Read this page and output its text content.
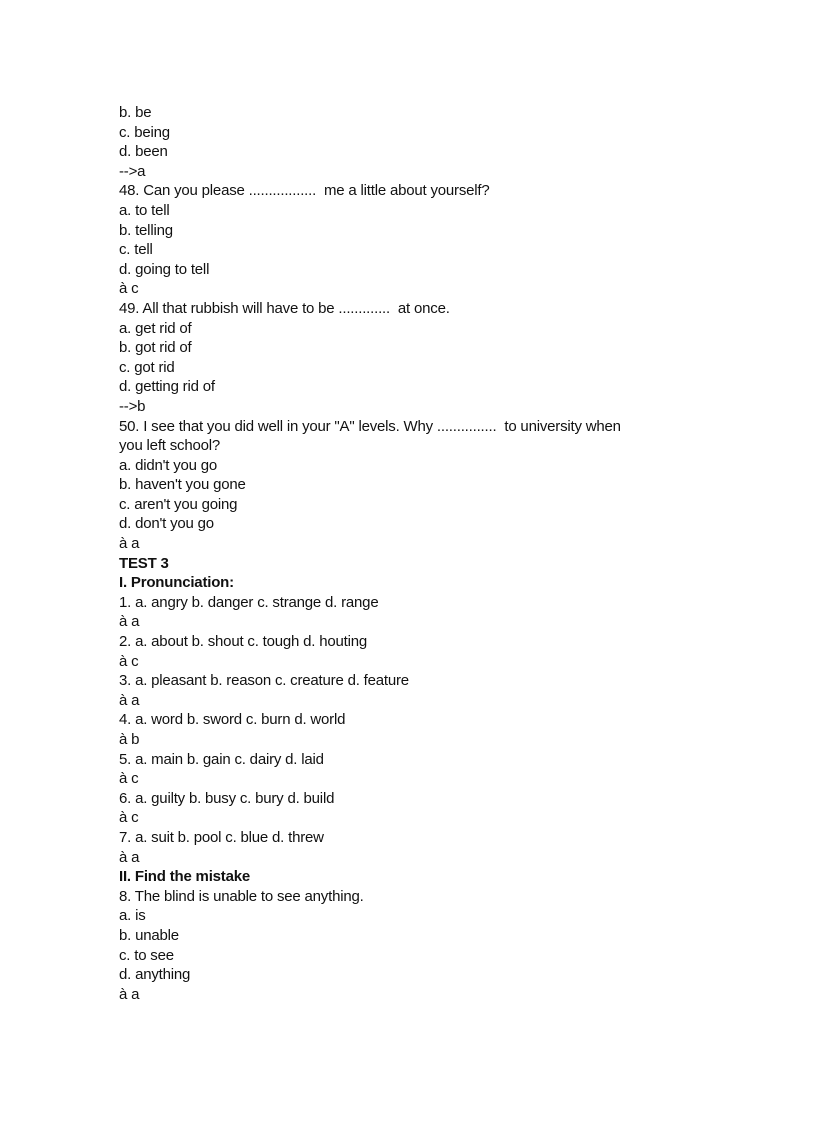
b. be
c. being
d. been
-->a
48. Can you please .................  me a little about yourself?
a. to tell
b. telling
c. tell
d. going to tell
à c
49. All that rubbish will have to be .............  at once.
a. get rid of
b. got rid of
c. got rid
d. getting rid of
-->b
50. I see that you did well in your "A" levels. Why ...............  to university when
you left school?
a. didn't you go
b. haven't you gone
c. aren't you going
d. don't you go
à a
TEST 3
I. Pronunciation:
1. a. angry b. danger c. strange d. range
à a
2. a. about b. shout c. tough d. houting
à c
3. a. pleasant b. reason c. creature d. feature
à a
4. a. word b. sword c. burn d. world
à b
5. a. main b. gain c. dairy d. laid
à c
6. a. guilty b. busy c. bury d. build
à c
7. a. suit b. pool c. blue d. threw
à a
II. Find the mistake
8. The blind is unable to see anything.
a. is
b. unable
c. to see
d. anything
à a
